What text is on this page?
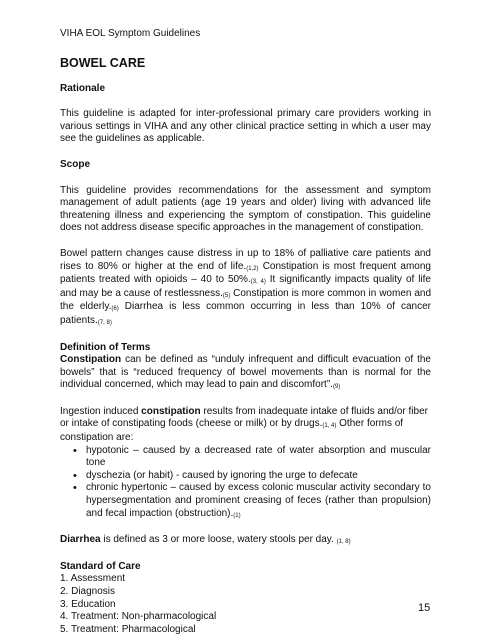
VIHA EOL Symptom Guidelines
BOWEL CARE
Rationale

This guideline is adapted for inter-professional primary care providers working in various settings in VIHA and any other clinical practice setting in which a user may see the guidelines as applicable.

Scope

This guideline provides recommendations for the assessment and symptom management of adult patients (age 19 years and older) living with advanced life threatening illness and experiencing the symptom of constipation. This guideline does not address disease specific approaches in the management of constipation.

Bowel pattern changes cause distress in up to 18% of palliative care patients and rises to 80% or higher at the end of life.(1,2) Constipation is most frequent among patients treated with opioids – 40 to 50%.(3, 4) It significantly impacts quality of life and may be a cause of restlessness.(5) Constipation is more common in women and the elderly.(6) Diarrhea is less common occurring in less than 10% of cancer patients.(7, 8)

Definition of Terms

Constipation can be defined as “unduly infrequent and difficult evacuation of the bowels” that is “reduced frequency of bowel movements than is normal for the individual concerned, which may lead to pain and discomfort”.(9)

Ingestion induced constipation results from inadequate intake of fluids and/or fiber or intake of constipating foods (cheese or milk) or by drugs.(1, 4) Other forms of constipation are:

• hypotonic – caused by a decreased rate of water absorption and muscular tone
• dyschezia (or habit) - caused by ignoring the urge to defecate
• chronic hypertonic – caused by excess colonic muscular activity secondary to hypersegmentation and prominent creasing of feces (rather than propulsion) and fecal impaction (obstruction).(1)

Diarrhea is defined as 3 or more loose, watery stools per day. (1, 8)

Standard of Care
1. Assessment
2. Diagnosis
3. Education
4. Treatment: Non-pharmacological
5. Treatment: Pharmacological
15
